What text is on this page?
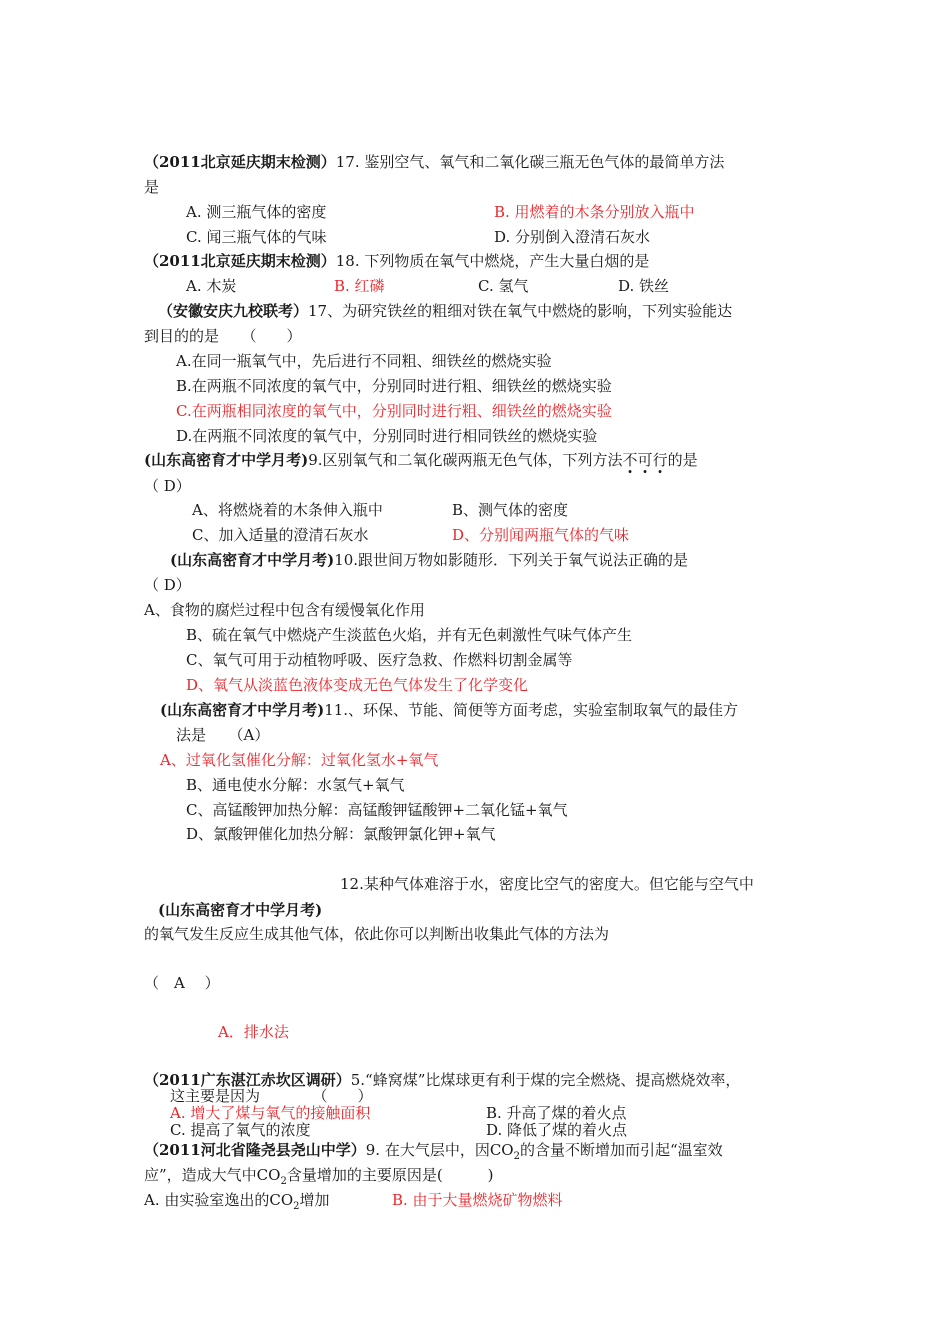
（2011北京延庆期末检测）17. 鉴别空气、氧气和二氧化碳三瓶无色气体的最简单方法
是
A. 测三瓶气体的密度	B. 用燃着的木条分别放入瓶中
C. 闻三瓶气体的气味	D. 分别倒入澄清石灰水
（2011北京延庆期末检测）18. 下列物质在氧气中燃烧，产生大量白烟的是
A. 木炭	B. 红磷	C. 氢气	D. 铁丝
（安徽安庆九校联考）17、为研究铁丝的粗细对铁在氧气中燃烧的影响，下列实验能达
到目的的是　　（　　）
A.在同一瓶氧气中，先后进行不同粗、细铁丝的燃烧实验
B.在两瓶不同浓度的氧气中，分别同时进行粗、细铁丝的燃烧实验
C.在两瓶相同浓度的氧气中，分别同时进行粗、细铁丝的燃烧实验
D.在两瓶不同浓度的氧气中，分别同时进行相同铁丝的燃烧实验
(山东高密育才中学月考)9.区别氧气和二氧化碳两瓶无色气体，下列方法不可行的是
（ D）
A、将燃烧着的木条伸入瓶中	B、测气体的密度
C、加入适量的澄清石灰水	D、分别闻两瓶气体的气味
(山东高密育才中学月考)10.跟世间万物如影随形．下列关于氧气说法正确的是
（ D）
A、食物的腐烂过程中包含有缓慢氧化作用
B、硫在氧气中燃烧产生淡蓝色火焰，并有无色刺激性气味气体产生
C、氧气可用于动植物呼吸、医疗急救、作燃料切割金属等
D、氧气从淡蓝色液体变成无色气体发生了化学变化
(山东高密育才中学月考)11.、环保、节能、简便等方面考虑，实验室制取氧气的最佳方
法是　　（A）
A、过氧化氢催化分解：过氧化氢水+氧气
B、通电使水分解：水氢气+氧气
C、高锰酸钾加热分解：高锰酸钾锰酸钾+二氧化锰+氧气
D、氯酸钾催化加热分解：氯酸钾氯化钾+氧气
12.某种气体难溶于水，密度比空气的密度大。但它能与空气中
(山东高密育才中学月考)
的氧气发生反应生成其他气体，依此你可以判断出收集此气体的方法为
（　A　 ）
A．排水法
（2011广东湛江赤坎区调研）5.“蜂窝煤”比煤球更有利于煤的完全燃烧、提高燃烧效率，
这主要是因为　　　　（　　）
A. 增大了煤与氧气的接触面积	B. 升高了煤的着火点
C. 提高了氧气的浓度	D. 降低了煤的着火点
（2011河北省隆尧县尧山中学）9. 在大气层中，因$CO_2$的含量不断增加而引起“温室效
应”，造成大气中$CO_2$含量增加的主要原因是(　　　)
A. 由实验室逸出的$CO_2$增加	B. 由于大量燃烧矿物燃料
